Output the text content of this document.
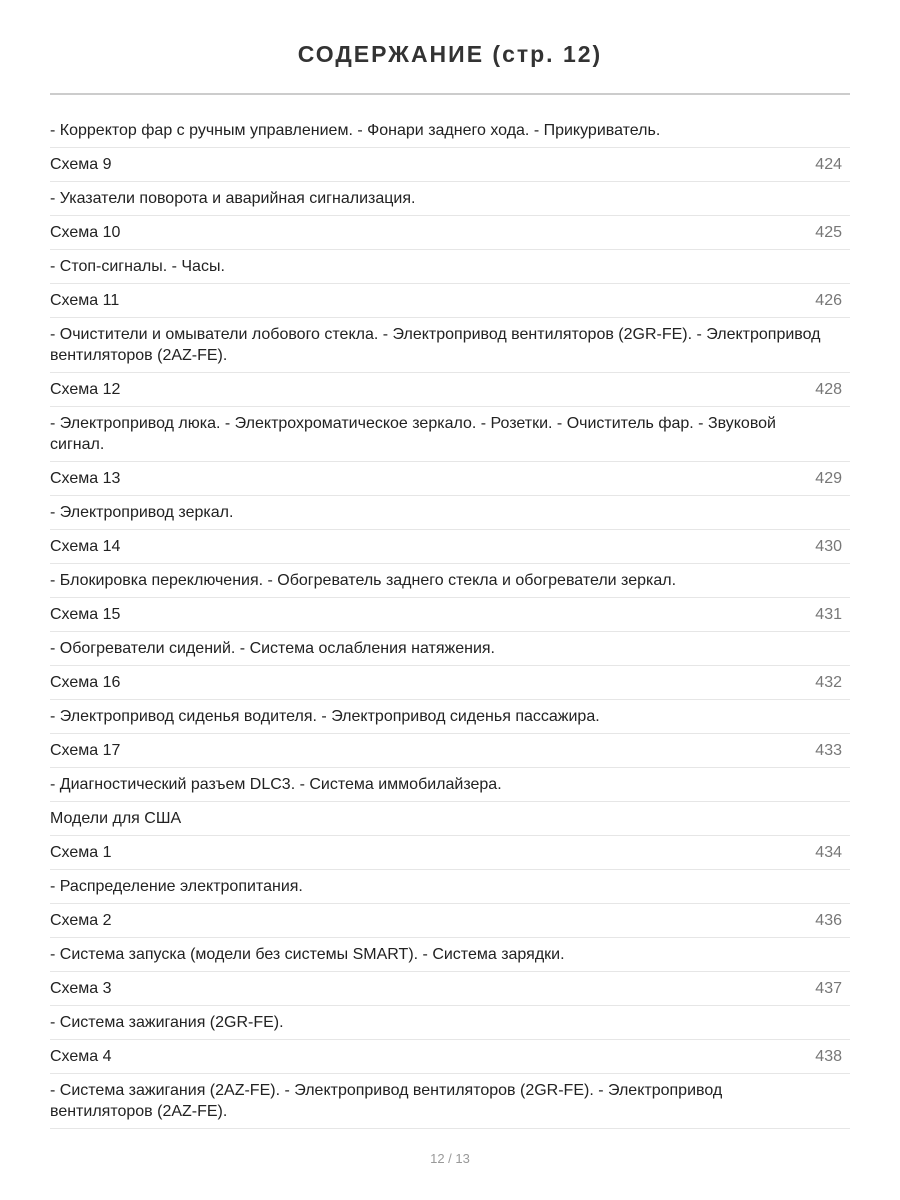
СОДЕРЖАНИЕ (стр. 12)
- Корректор фар с ручным управлением. - Фонари заднего хода. - Прикуриватель.
Схема 9	424
- Указатели поворота и аварийная сигнализация.
Схема 10	425
- Стоп-сигналы. - Часы.
Схема 11	426
- Очистители и омыватели лобового стекла. - Электропривод вентиляторов (2GR-FE). - Электропривод вентиляторов (2AZ-FE).
Схема 12	428
- Электропривод люка. - Электрохроматическое зеркало. - Розетки. - Очиститель фар. - Звуковой сигнал.
Схема 13	429
- Электропривод зеркал.
Схема 14	430
- Блокировка переключения. - Обогреватель заднего стекла и обогреватели зеркал.
Схема 15	431
- Обогреватели сидений. - Система ослабления натяжения.
Схема 16	432
- Электропривод сиденья водителя. - Электропривод сиденья пассажира.
Схема 17	433
- Диагностический разъем DLC3. - Система иммобилайзера.
Модели для США
Схема 1	434
- Распределение электропитания.
Схема 2	436
- Система запуска (модели без системы SMART). - Система зарядки.
Схема 3	437
- Система зажигания (2GR-FE).
Схема 4	438
- Система зажигания (2AZ-FE). - Электропривод вентиляторов (2GR-FE). - Электропривод вентиляторов (2AZ-FE).
12 / 13
